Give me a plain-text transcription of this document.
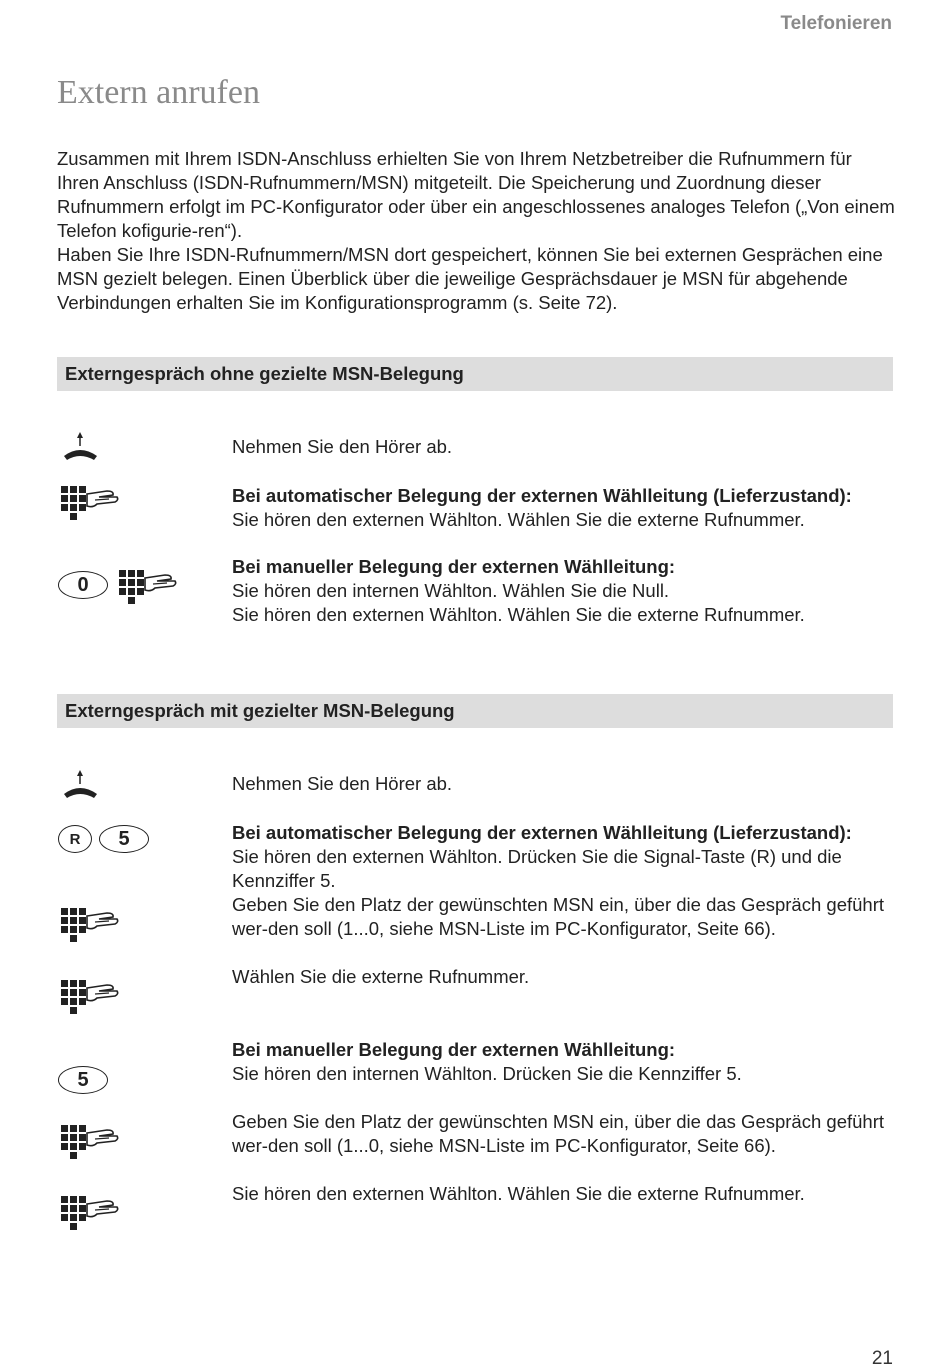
Telefonieren
Extern anrufen

Zusammen mit Ihrem ISDN-Anschluss erhielten Sie von Ihrem Netzbetreiber die Rufnummern für Ihren Anschluss (ISDN-Rufnummern/MSN) mitgeteilt. Die Speicherung und Zuordnung dieser Rufnummern erfolgt im PC-Konfigurator oder über ein angeschlossenes analoges Telefon („Von einem Telefon kofigurie-ren“).

Haben Sie Ihre ISDN-Rufnummern/MSN dort gespeichert, können Sie bei externen Gesprächen eine MSN gezielt belegen. Einen Überblick über die jeweilige Gesprächsdauer je MSN für abgehende Verbindungen erhalten Sie im Konfigurationsprogramm (s. Seite 72).

Externgespräch ohne gezielte MSN-Belegung
Nehmen Sie den Hörer ab.
Bei automatischer Belegung der externen Wählleitung (Lieferzustand):
Sie hören den externen Wählton. Wählen Sie die externe Rufnummer.
0
Bei manueller Belegung der externen Wählleitung:
Sie hören den internen Wählton. Wählen Sie die Null.
Sie hören den externen Wählton. Wählen Sie die externe Rufnummer.
Externgespräch mit gezielter MSN-Belegung
Nehmen Sie den Hörer ab.
R	5	Bei automatischer Belegung der externen Wählleitung (Lieferzustand):
Sie hören den externen Wählton. Drücken Sie die Signal-Taste (R) und die Kennziffer 5.
Geben Sie den Platz der gewünschten MSN ein, über die das Gespräch geführt wer-den soll (1...0, siehe MSN-Liste im PC-Konfigurator, Seite 66).
Wählen Sie die externe Rufnummer.
5
Bei manueller Belegung der externen Wählleitung:
Sie hören den internen Wählton. Drücken Sie die Kennziffer 5.
Geben Sie den Platz der gewünschten MSN ein, über die das Gespräch geführt wer-den soll (1...0, siehe MSN-Liste im PC-Konfigurator, Seite 66).
Sie hören den externen Wählton. Wählen Sie die externe Rufnummer.
21
